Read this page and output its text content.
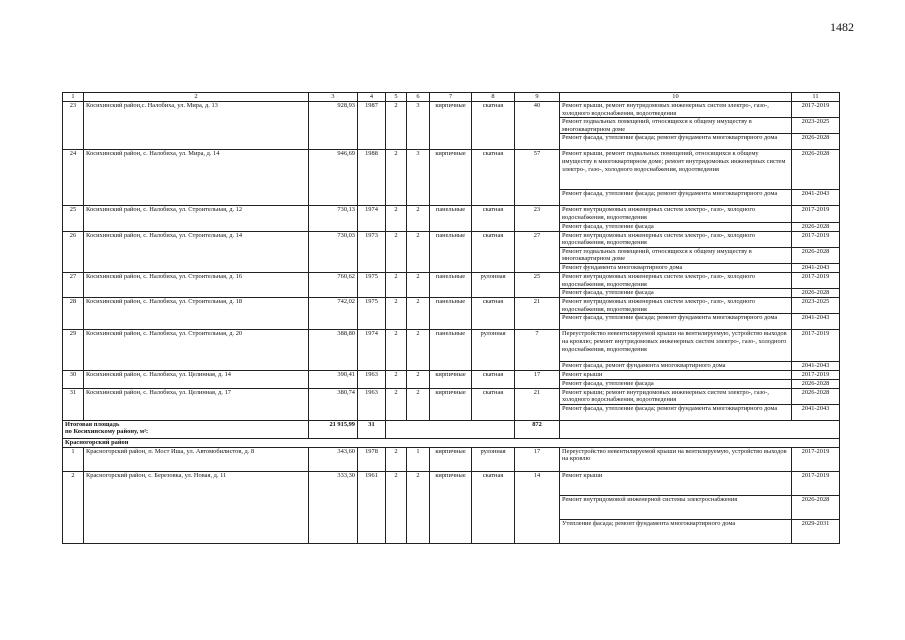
1482
1	2	3	4	5	6	7	8	9	10	11
23	Косихинский район,с. Налобиха, ул. Мира, д. 13	928,93	1987	2	3	кирпичные	скатная	40	Ремонт крыши, ремонт внутридомовых инженерных систем электро-, газо-, холодного водоснабжения, водоотведения	2017-2019
									Ремонт подвальных помещений, относящихся к общему имуществу в многоквартирном доме	2023-2025
									Ремонт фасада, утепление фасада; ремонт фундамента многоквартирного дома	2026-2028
24	Косихинский район, с. Налобиха, ул. Мира, д. 14	946,69	1988	2	3	кирпичные	скатная	57	Ремонт крыши, ремонт подвальных помещений, относящихся к общему имуществу в многоквартирном доме; ремонт внутридомовых инженерных систем электро-, газо-, холодного водоснабжения, водоотведения	2026-2028
									Ремонт фасада, утепление фасада; ремонт фундамента многоквартирного дома	2041-2043
25	Косихинский район, с. Налобиха, ул. Строительная, д. 12	730,13	1974	2	2	панельные	скатная	23	Ремонт внутридомовых инженерных систем электро-, газо-, холодного водоснабжения, водоотведения	2017-2019
									Ремонт фасада, утепление фасада	2026-2028
26	Косихинский район, с. Налобиха, ул. Строительная, д. 14	730,03	1973	2	2	панельные	скатная	27	Ремонт внутридомовых инженерных систем электро-, газо-, холодного водоснабжения, водоотведения	2017-2019
									Ремонт подвальных помещений, относящихся к общему имуществу в многоквартирном доме	2026-2028
									Ремонт фундамента многоквартирного дома	2041-2043
27	Косихинский район, с. Налобиха, ул. Строительная, д. 16	760,62	1975	2	2	панельные	рулонная	25	Ремонт внутридомовых инженерных систем электро-, газо-, холодного водоснабжения, водоотведения	2017-2019
									Ремонт фасада, утепление фасада	2026-2028
28	Косихинский район, с. Налобиха, ул. Строительная, д. 18	742,02	1975	2	2	панельные	скатная	21	Ремонт внутридомовых инженерных систем электро-, газо-, холодного водоснабжения, водоотведения	2023-2025
									Ремонт фасада, утепление фасада; ремонт фундамента многоквартирного дома	2041-2043
29	Косихинский район, с. Налобиха, ул. Строительная, д. 20	388,80	1974	2	2	панельные	рулонная	7	Переустройство невентилируемой крыши на вентилируемую, устройство выходов на кровлю; ремонт внутридомовых инженерных систем электро-, газо-, холодного водоснабжения, водоотведения	2017-2019
									Ремонт фасада, ремонт фундамента многоквартирного дома	2041-2043
30	Косихинский район, с. Налобиха, ул. Целинная, д. 14	390,41	1963	2	2	кирпичные	скатная	17	Ремонт крыши	2017-2019
									Ремонт фасада, утепление фасада	2026-2028
31	Косихинский район, с. Налобиха, ул. Целинная, д. 17	380,74	1963	2	2	кирпичные	скатная	21	Ремонт крыши; ремонт внутридомовых инженерных систем электро-, газо-, холодного водоснабжения, водоотведения	2026-2028
									Ремонт фасада, утепление фасада; ремонт фундамента многоквартирного дома	2041-2043

Итоговая площадь
по Косихинскому району, м²:		21 915,99	31					872		
Красногорский район										
1	Красногорский район, п. Мост Иша, ул. Автомобилистов, д. 8	343,60	1978	2	1	кирпичные	рулонная	17	Переустройство невентилируемой крыши на вентилируемую, устройство выходов на кровлю	2017-2019
2	Красногорский район, с. Березовка, ул. Новая, д. 11	333,30	1961	2	2	кирпичные	скатная	14	Ремонт крыши	2017-2019
									Ремонт внутридомовой инженерной системы электроснабжения	2026-2028
									Утепление фасада; ремонт фундамента многоквартирного дома	2029-2031
